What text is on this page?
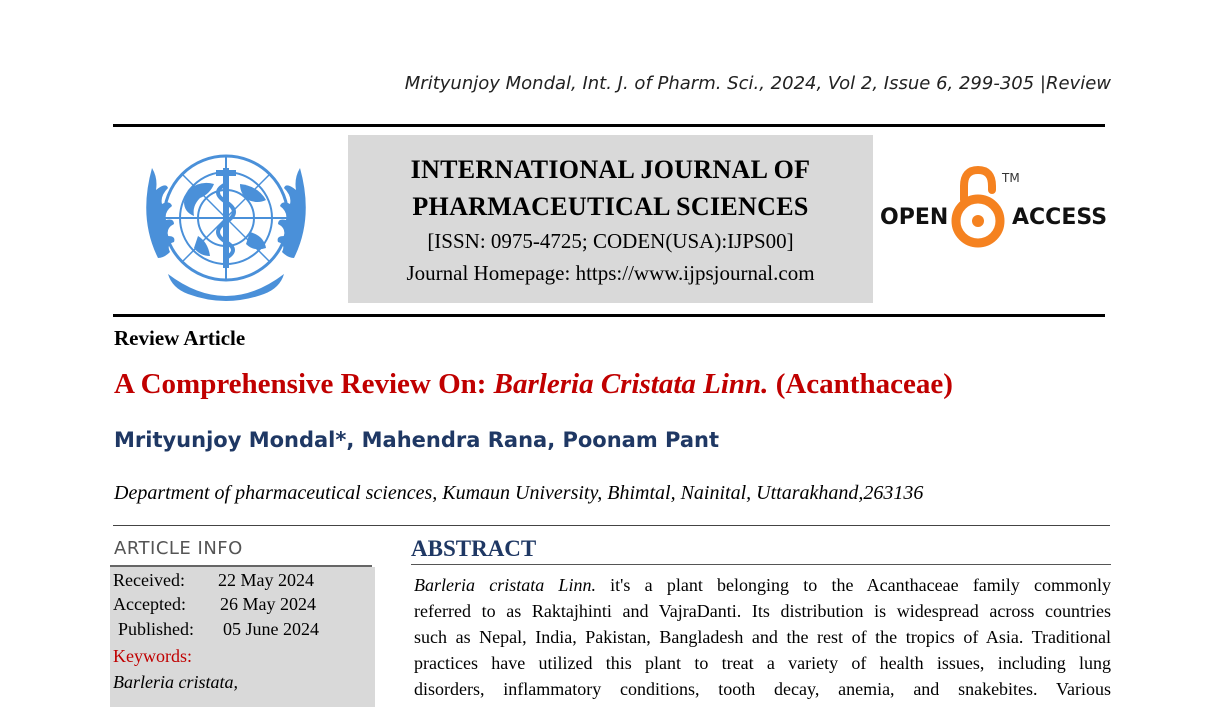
Mrityunjoy Mondal, Int. J. of Pharm. Sci., 2024, Vol 2, Issue 6, 299-305 |Review
INTERNATIONAL JOURNAL OF
PHARMACEUTICAL SCIENCES
[ISSN: 0975-4725; CODEN(USA):IJPS00]
Journal Homepage: https://www.ijpsjournal.com
OPEN
TM
ACCESS
Review Article
A Comprehensive Review On: Barleria Cristata Linn. (Acanthaceae)
Mrityunjoy Mondal*, Mahendra Rana, Poonam Pant
Department of pharmaceutical sciences, Kumaun University, Bhimtal, Nainital, Uttarakhand,263136
ARTICLE INFO
Received: 22 May 2024
Accepted: 26 May 2024
Published: 05 June 2024
Keywords:
Barleria cristata,
ABSTRACT
Barleria cristata Linn. it's a plant belonging to the Acanthaceae family commonly
referred to as Raktajhinti and VajraDanti. Its distribution is widespread across countries
such as Nepal, India, Pakistan, Bangladesh and the rest of the tropics of Asia. Traditional
practices have utilized this plant to treat a variety of health issues, including lung
disorders, inflammatory conditions, tooth decay, anemia, and snakebites. Various
